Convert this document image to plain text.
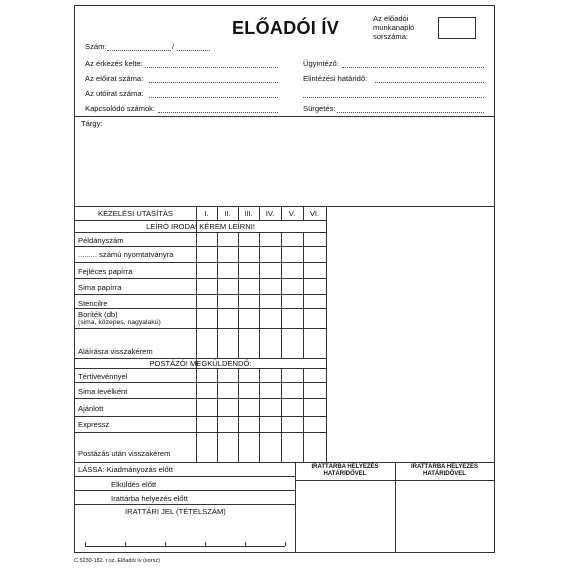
ELŐADÓI ÍV	Az előadói
munkanapló
sorszáma:
Szám:	/
Az érkezés kelte:
Az előirat száma:
Az utóirat száma:
Kapcsolódó számok:
Ügyintéző:
Elintézési határidő:
Sürgetés:
Tárgy:
KEZELÉSI UTASÍTÁS	I.	II.	III.	IV.	V.	VI.
LEÍRÓ IRODA! KÉREM LEÍRNI!
Példányszám
......... számú nyomtatványra
Fejléces papírra
Sima papírra
Stencilre
Boríték (db)
(sima, közepes, nagyalakú)
Aláírásra visszakérem
POSTÁZÓ! MEGKÜLDENDŐ:
Tértivevénnyel
Sima levélként
Ajánlott
Expressz
Postázás után visszakérem
LÁSSA: Kiadmányozás előtt
Elküldés előtt
Irattárba helyezés előtt
IRATTÁRI JEL (TÉTELSZÁM)
IRATTÁRBA HELYEZÉS
HATÁRIDŐVEL
IRATTÁRBA HELYEZÉS
HATÁRIDŐVEL
C.5230-182. r.sz. Előadói ív (sorsz)
